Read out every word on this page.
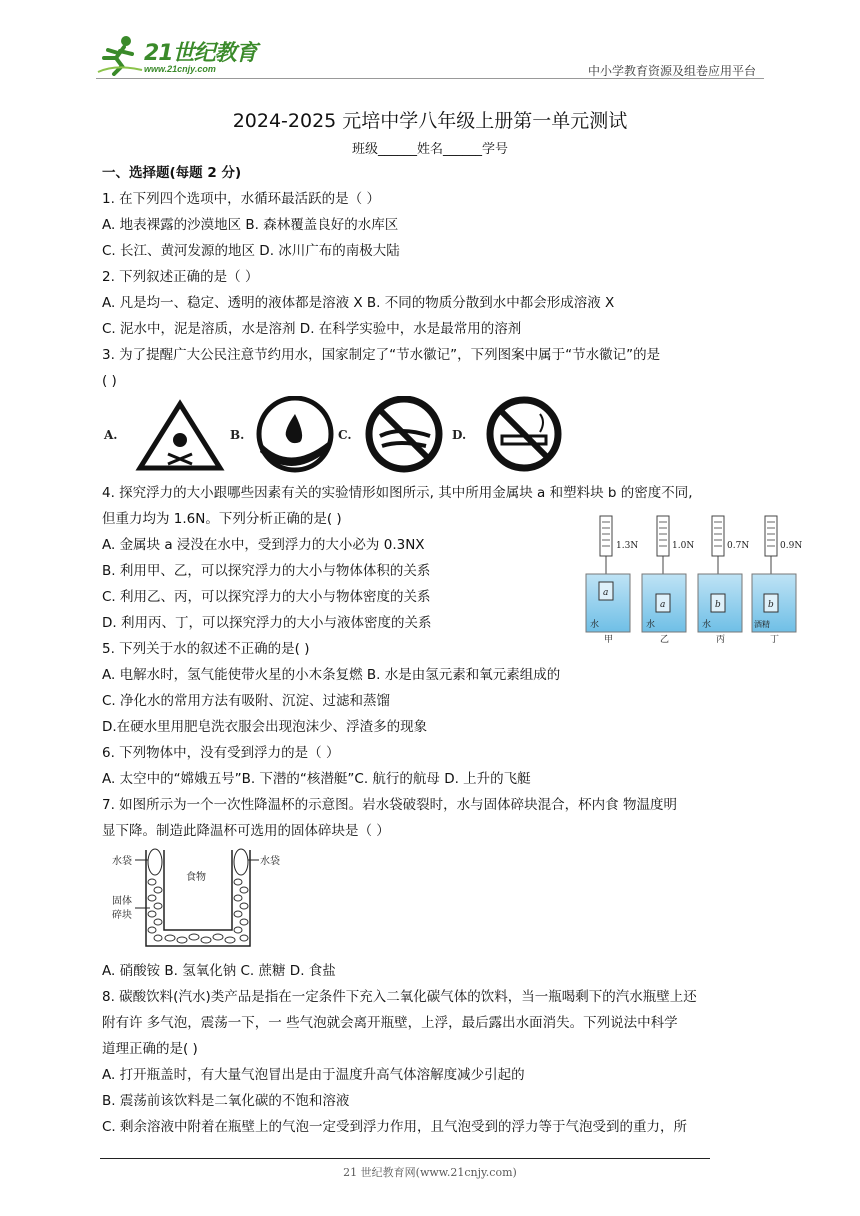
21世纪教育
www.21cnjy.com	中小学教育资源及组卷应用平台
2024-2025 元培中学八年级上册第一单元测试
班级______姓名______学号
一、选择题(每题 2 分)
1. 在下列四个选项中，水循环最活跃的是（ ）
A. 地表裸露的沙漠地区 B. 森林覆盖良好的水库区
C. 长江、黄河发源的地区 D. 冰川广布的南极大陆
2. 下列叙述正确的是（ ）
A. 凡是均一、稳定、透明的液体都是溶液 X B. 不同的物质分散到水中都会形成溶液 X
C. 泥水中，泥是溶质，水是溶剂 D. 在科学实验中，水是最常用的溶剂
3. 为了提醒广大公民注意节约用水，国家制定了“节水徽记”，下列图案中属于“节水徽记”的是
( )
A.	B.	C.	D.
4. 探究浮力的大小跟哪些因素有关的实验情形如图所示, 其中所用金属块 a 和塑料块 b 的密度不同,
但重力均为 1.6N。下列分析正确的是( )
A. 金属块 a 浸没在水中，受到浮力的大小必为 0.3NX
B. 利用甲、乙，可以探究浮力的大小与物体体积的关系
C. 利用乙、丙，可以探究浮力的大小与物体密度的关系
D. 利用丙、丁，可以探究浮力的大小与液体密度的关系
1.3N
a
水
甲
1.0N
a
水
乙
0.7N
b
水
丙
0.9N
b
酒精
丁
5. 下列关于水的叙述不正确的是( )
A. 电解水时，氢气能使带火星的小木条复燃 B. 水是由氢元素和氧元素组成的
C. 净化水的常用方法有吸附、沉淀、过滤和蒸馏
D.在硬水里用肥皂洗衣服会出现泡沫少、浮渣多的现象
6. 下列物体中，没有受到浮力的是（ ）
A. 太空中的“嫦娥五号”B. 下潜的“核潜艇”C. 航行的航母 D. 上升的飞艇
7. 如图所示为一个一次性降温杯的示意图。岩水袋破裂时，水与固体碎块混合，杯内食 物温度明
显下降。制造此降温杯可选用的固体碎块是（ ）
水袋	水袋
食物
固体
碎块
A. 硝酸铵 B. 氢氧化钠 C. 蔗糖 D. 食盐
8. 碳酸饮料(汽水)类产品是指在一定条件下充入二氧化碳气体的饮料，当一瓶喝剩下的汽水瓶壁上还
附有许 多气泡，震荡一下，一 些气泡就会离开瓶壁，上浮，最后露出水面消失。下列说法中科学
道理正确的是( )
A. 打开瓶盖时，有大量气泡冒出是由于温度升高气体溶解度减少引起的
B. 震荡前该饮料是二氧化碳的不饱和溶液
C. 剩余溶液中附着在瓶壁上的气泡一定受到浮力作用，且气泡受到的浮力等于气泡受到的重力，所
21 世纪教育网(www.21cnjy.com)
